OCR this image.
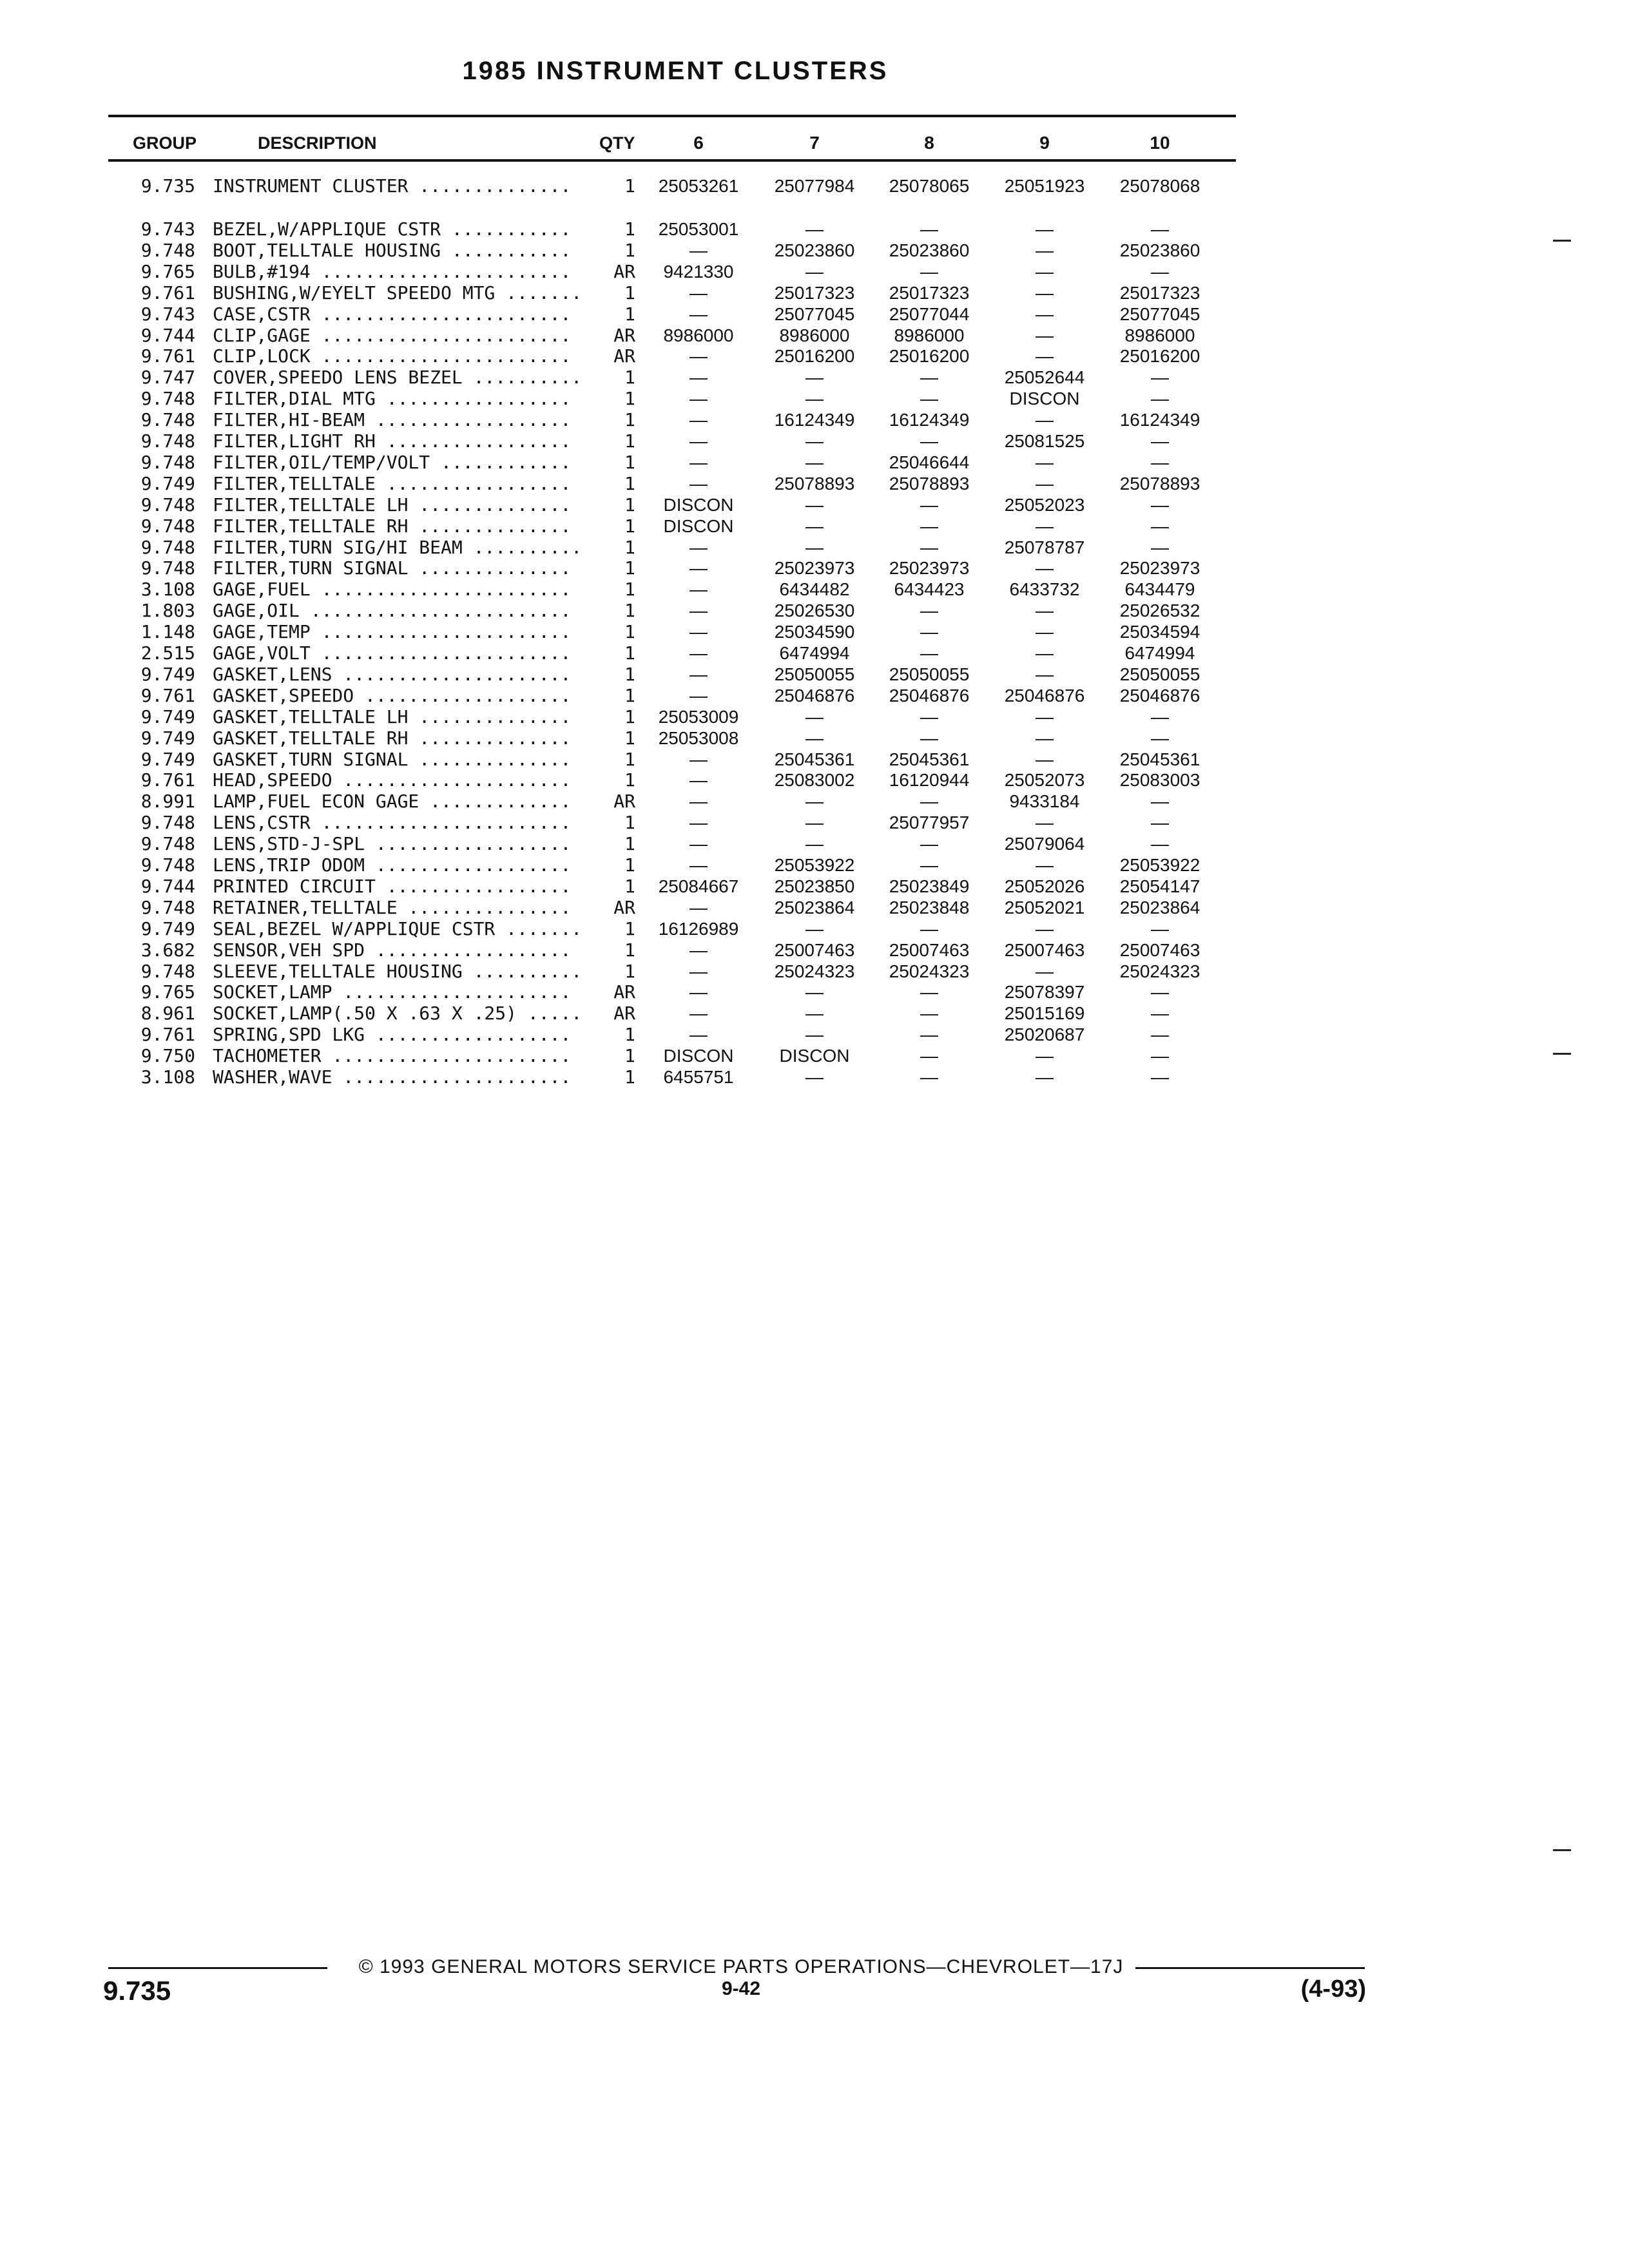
1985 INSTRUMENT CLUSTERS
GROUP	DESCRIPTION	QTY	6	7	8	9	10
9.735 INSTRUMENT CLUSTER ..............	1	25053261	25077984	25078065	25051923	25078068
9.743 BEZEL,W/APPLIQUE CSTR ...........	1	25053001	—	—	—	—
9.748 BOOT,TELLTALE HOUSING ...........	1	—	25023860	25023860	—	25023860
9.765 BULB,#194 .......................	AR	9421330	—	—	—	—
9.761 BUSHING,W/EYELT SPEEDO MTG .......	1	—	25017323	25017323	—	25017323
9.743 CASE,CSTR .......................	1	—	25077045	25077044	—	25077045
9.744 CLIP,GAGE .......................	AR	8986000	8986000	8986000	—	8986000
9.761 CLIP,LOCK .......................	AR	—	25016200	25016200	—	25016200
9.747 COVER,SPEEDO LENS BEZEL ..........	1	—	—	—	25052644	—
9.748 FILTER,DIAL MTG .................	1	—	—	—	DISCON	—
9.748 FILTER,HI-BEAM ..................	1	—	16124349	16124349	—	16124349
9.748 FILTER,LIGHT RH .................	1	—	—	—	25081525	—
9.748 FILTER,OIL/TEMP/VOLT ............	1	—	—	25046644	—	—
9.749 FILTER,TELLTALE .................	1	—	25078893	25078893	—	25078893
9.748 FILTER,TELLTALE LH ..............	1	DISCON	—	—	25052023	—
9.748 FILTER,TELLTALE RH ..............	1	DISCON	—	—	—	—
9.748 FILTER,TURN SIG/HI BEAM ..........	1	—	—	—	25078787	—
9.748 FILTER,TURN SIGNAL ..............	1	—	25023973	25023973	—	25023973
3.108 GAGE,FUEL .......................	1	—	6434482	6434423	6433732	6434479
1.803 GAGE,OIL ........................	1	—	25026530	—	—	25026532
1.148 GAGE,TEMP .......................	1	—	25034590	—	—	25034594
2.515 GAGE,VOLT .......................	1	—	6474994	—	—	6474994
9.749 GASKET,LENS .....................	1	—	25050055	25050055	—	25050055
9.761 GASKET,SPEEDO ...................	1	—	25046876	25046876	25046876	25046876
9.749 GASKET,TELLTALE LH ..............	1	25053009	—	—	—	—
9.749 GASKET,TELLTALE RH ..............	1	25053008	—	—	—	—
9.749 GASKET,TURN SIGNAL ..............	1	—	25045361	25045361	—	25045361
9.761 HEAD,SPEEDO .....................	1	—	25083002	16120944	25052073	25083003
8.991 LAMP,FUEL ECON GAGE .............	AR	—	—	—	9433184	—
9.748 LENS,CSTR .......................	1	—	—	25077957	—	—
9.748 LENS,STD-J-SPL ..................	1	—	—	—	25079064	—
9.748 LENS,TRIP ODOM ..................	1	—	25053922	—	—	25053922
9.744 PRINTED CIRCUIT .................	1	25084667	25023850	25023849	25052026	25054147
9.748 RETAINER,TELLTALE ...............	AR	—	25023864	25023848	25052021	25023864
9.749 SEAL,BEZEL W/APPLIQUE CSTR .......	1	16126989	—	—	—	—
3.682 SENSOR,VEH SPD ..................	1	—	25007463	25007463	25007463	25007463
9.748 SLEEVE,TELLTALE HOUSING ..........	1	—	25024323	25024323	—	25024323
9.765 SOCKET,LAMP .....................	AR	—	—	—	25078397	—
8.961 SOCKET,LAMP(.50 X .63 X .25) .....	AR	—	—	—	25015169	—
9.761 SPRING,SPD LKG ..................	1	—	—	—	25020687	—
9.750 TACHOMETER ......................	1	DISCON	DISCON	—	—	—
3.108 WASHER,WAVE .....................	1	6455751	—	—	—	—
© 1993 GENERAL MOTORS SERVICE PARTS OPERATIONS—CHEVROLET—17J
9.735	9-42	(4-93)
